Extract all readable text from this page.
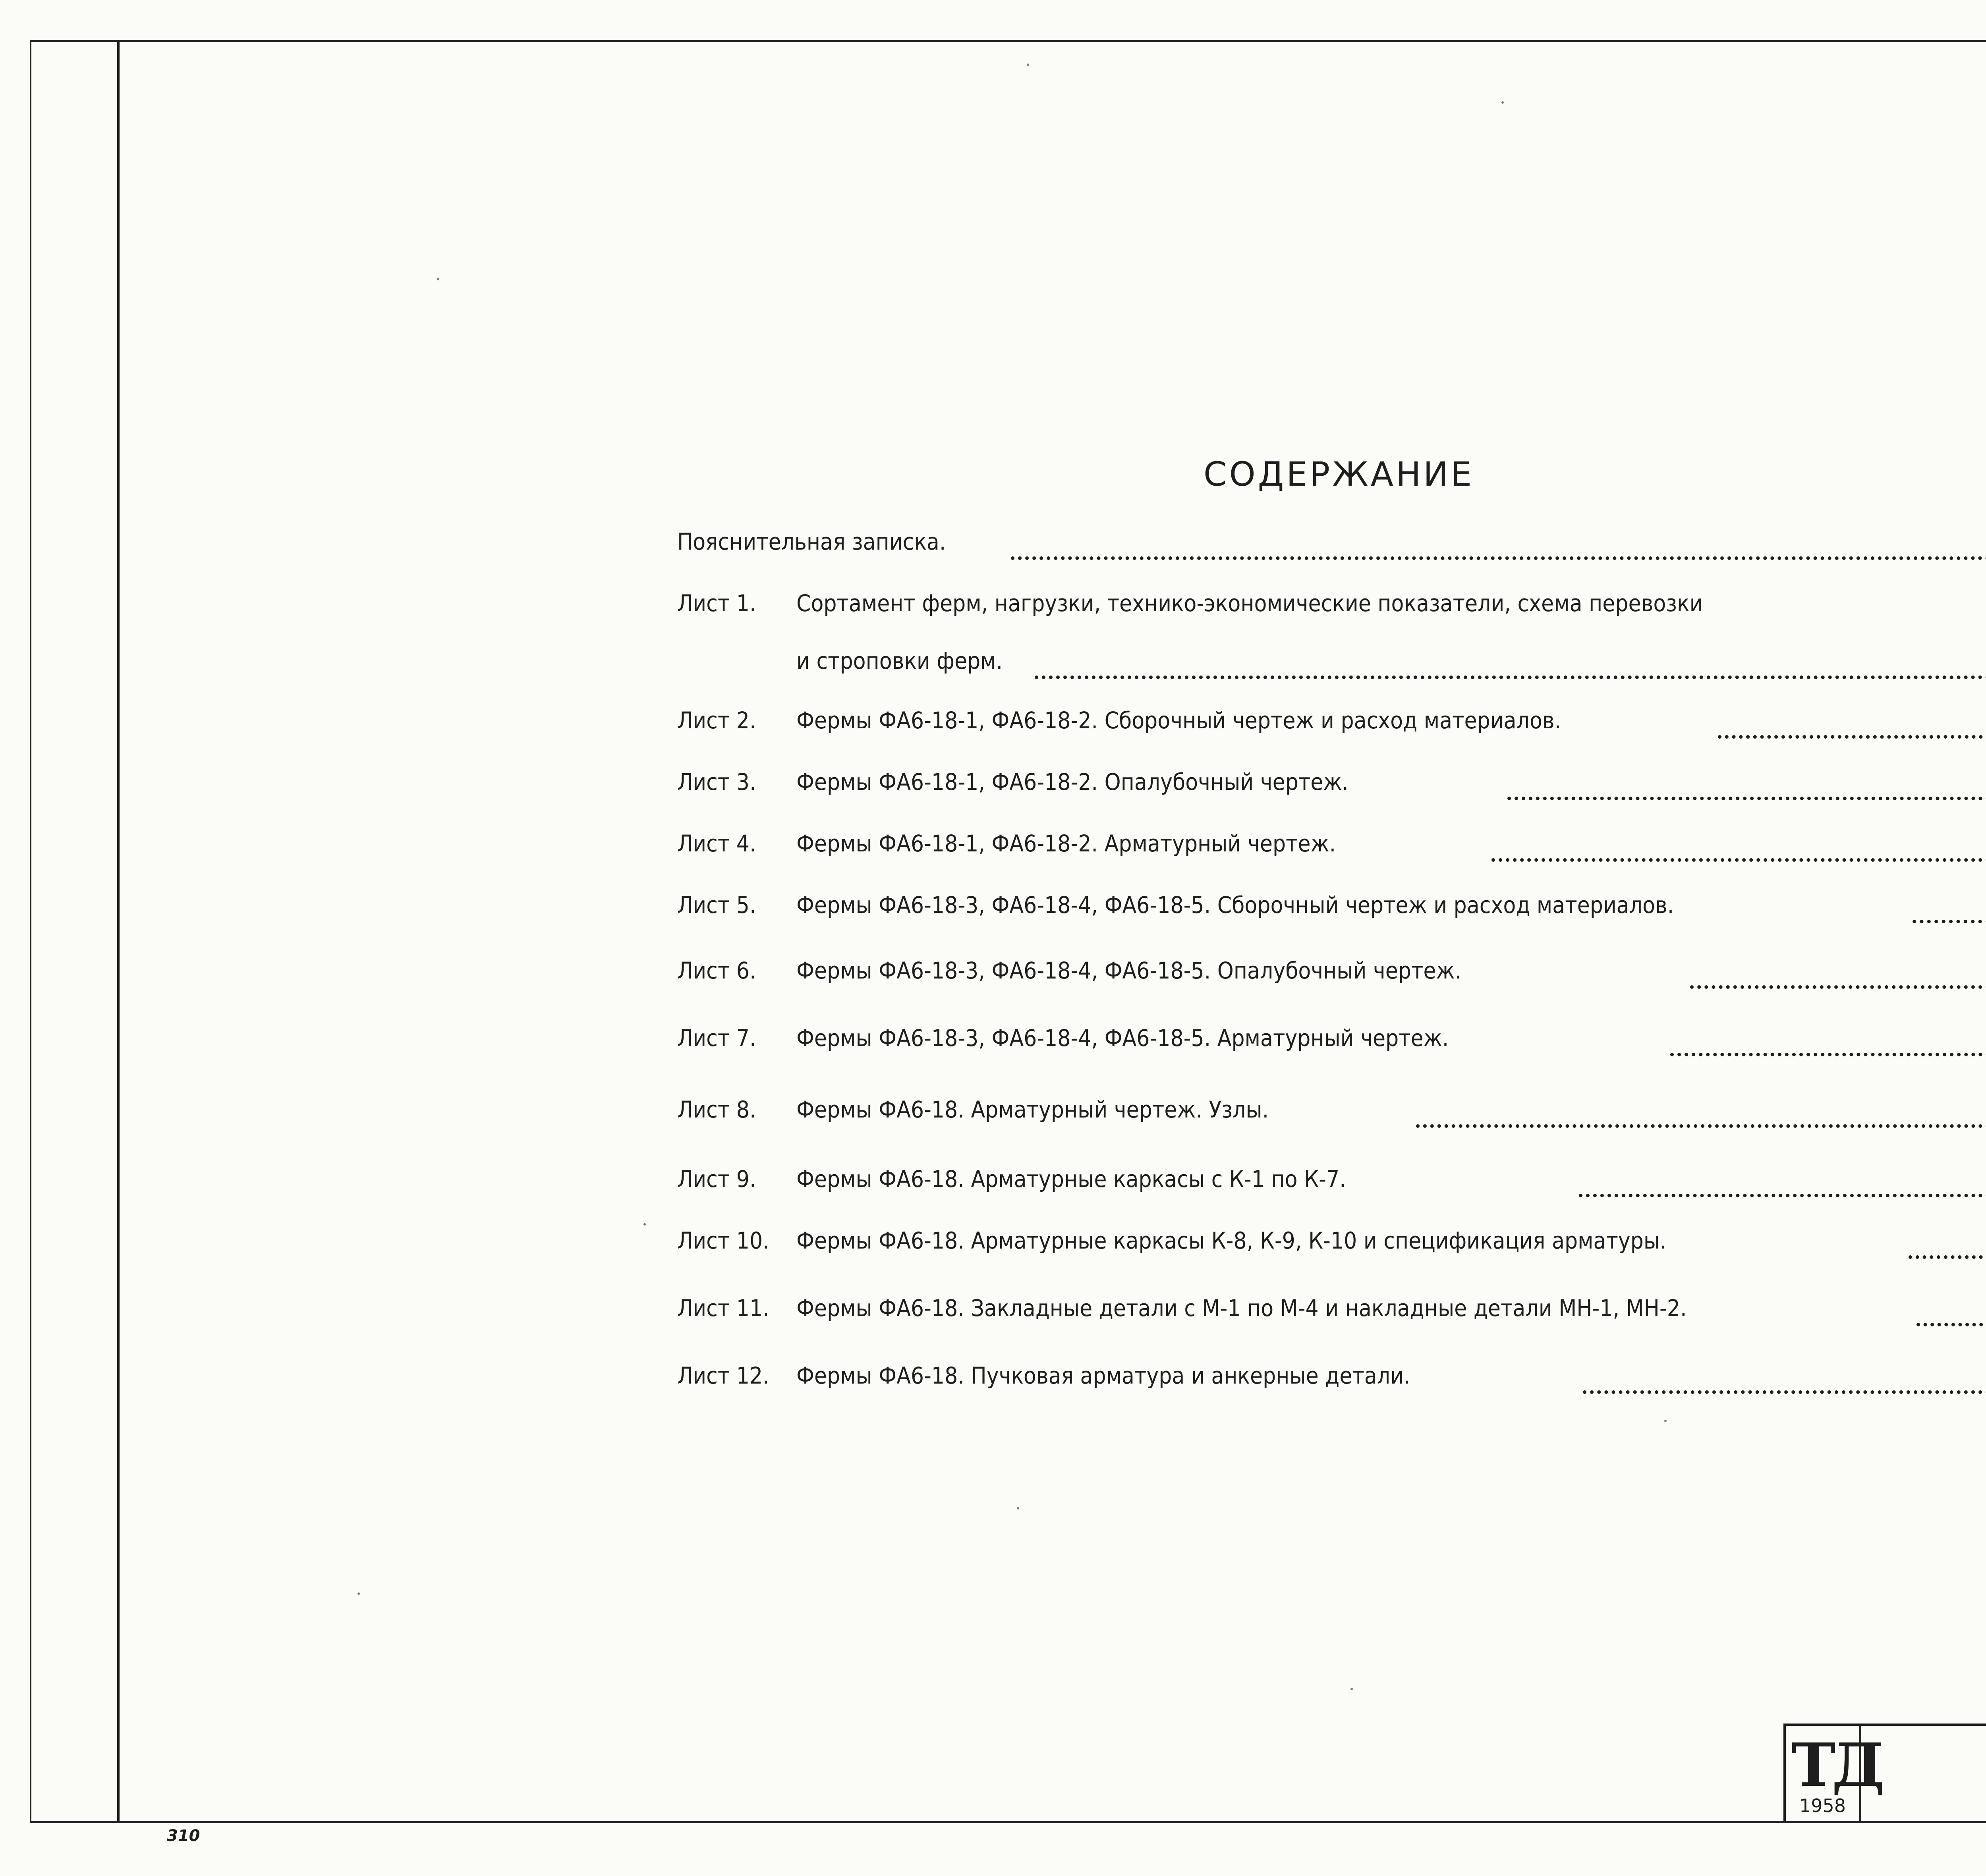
СОДЕРЖАНИЕ
Пояснительная записка.
Лист 1. Сортамент ферм, нагрузки, технико-экономические показатели, схема перевозки
и строповки ферм.
Лист 2. Фермы ФА6-18-1, ФА6-18-2. Сборочный чертеж и расход материалов.
Лист 3. Фермы ФА6-18-1, ФА6-18-2. Опалубочный чертеж.
Лист 4. Фермы ФА6-18-1, ФА6-18-2. Арматурный чертеж.
Лист 5. Фермы ФА6-18-3, ФА6-18-4, ФА6-18-5. Сборочный чертеж и расход материалов.
Лист 6. Фермы ФА6-18-3, ФА6-18-4, ФА6-18-5. Опалубочный чертеж.
Лист 7. Фермы ФА6-18-3, ФА6-18-4, ФА6-18-5. Арматурный чертеж.
Лист 8. Фермы ФА6-18. Арматурный чертеж. Узлы.
Лист 9. Фермы ФА6-18. Арматурные каркасы с К-1 по К-7.
Лист 10. Фермы ФА6-18. Арматурные каркасы К-8, К-9, К-10 и спецификация арматуры.
Лист 11. Фермы ФА6-18. Закладные детали с М-1 по М-4 и накладные детали МН-1, МН-2.
Лист 12. Фермы ФА6-18. Пучковая арматура и анкерные детали.
ТД
1958
310
